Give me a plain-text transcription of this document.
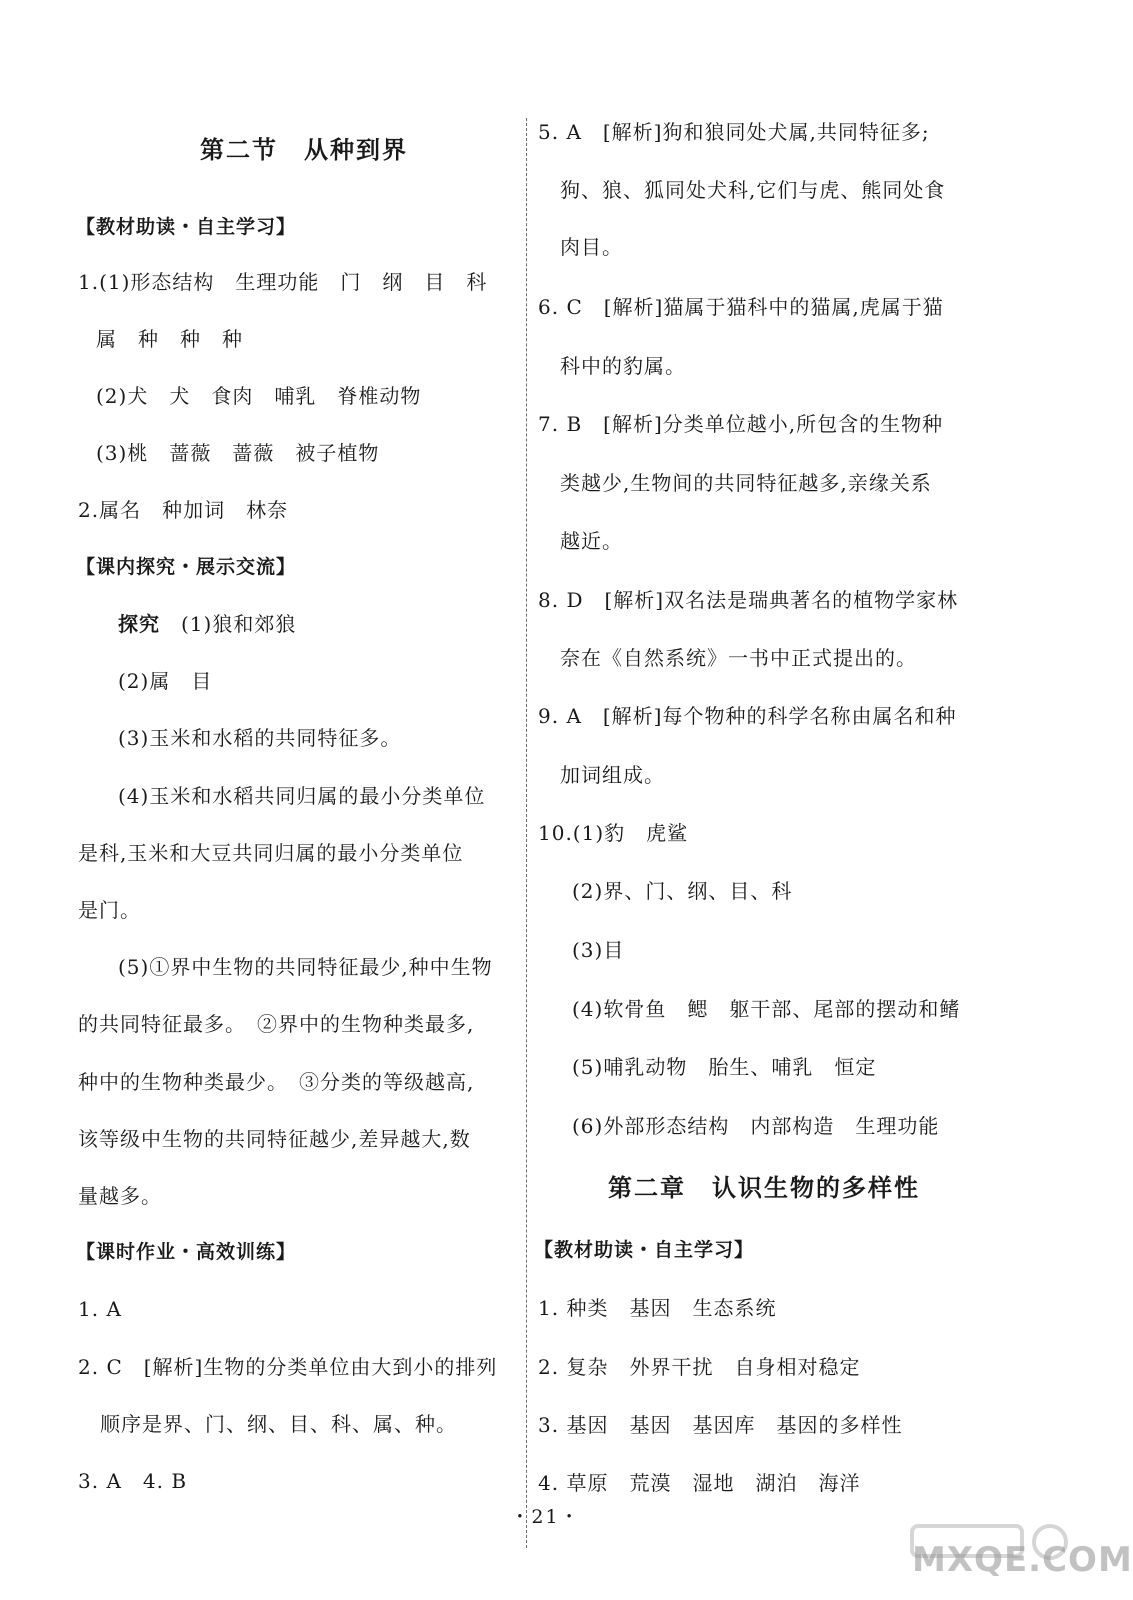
第二节　从种到界
【教材助读・自主学习】
1.(1)形态结构　生理功能　门　纲　目　科
属　种　种　种
(2)犬　犬　食肉　哺乳　脊椎动物
(3)桃　蔷薇　蔷薇　被子植物
2.属名　种加词　林奈
【课内探究・展示交流】
探究　 (1)狼和郊狼
(2)属　目
(3)玉米和水稻的共同特征多。
(4)玉米和水稻共同归属的最小分类单位
是科,玉米和大豆共同归属的最小分类单位
是门。
(5)①界中生物的共同特征最少,种中生物
的共同特征最多。　②界中的生物种类最多,
种中的生物种类最少。　③分类的等级越高,
该等级中生物的共同特征越少,差异越大,数
量越多。
【课时作业・高效训练】
1. A
2. C　[解析]生物的分类单位由大到小的排列
顺序是界、门、纲、目、科、属、种。
3. A　4. B
5. A　[解析]狗和狼同处犬属,共同特征多;
狗、狼、狐同处犬科,它们与虎、熊同处食
肉目。
6. C　[解析]猫属于猫科中的猫属,虎属于猫
科中的豹属。
7. B　[解析]分类单位越小,所包含的生物种
类越少,生物间的共同特征越多,亲缘关系
越近。
8. D　[解析]双名法是瑞典著名的植物学家林
奈在《自然系统》一书中正式提出的。
9. A　[解析]每个物种的科学名称由属名和种
加词组成。
10.(1)豹　虎鲨
(2)界、门、纲、目、科
(3)目
(4)软骨鱼　鳃　躯干部、尾部的摆动和鳍
(5)哺乳动物　胎生、哺乳　恒定
(6)外部形态结构　内部构造　生理功能
第二章　认识生物的多样性
【教材助读・自主学习】
1. 种类　基因　生态系统
2. 复杂　外界干扰　自身相对稳定
3. 基因　基因　基因库　基因的多样性
4. 草原　荒漠　湿地　湖泊　海洋
・21・
MXQE.COM
